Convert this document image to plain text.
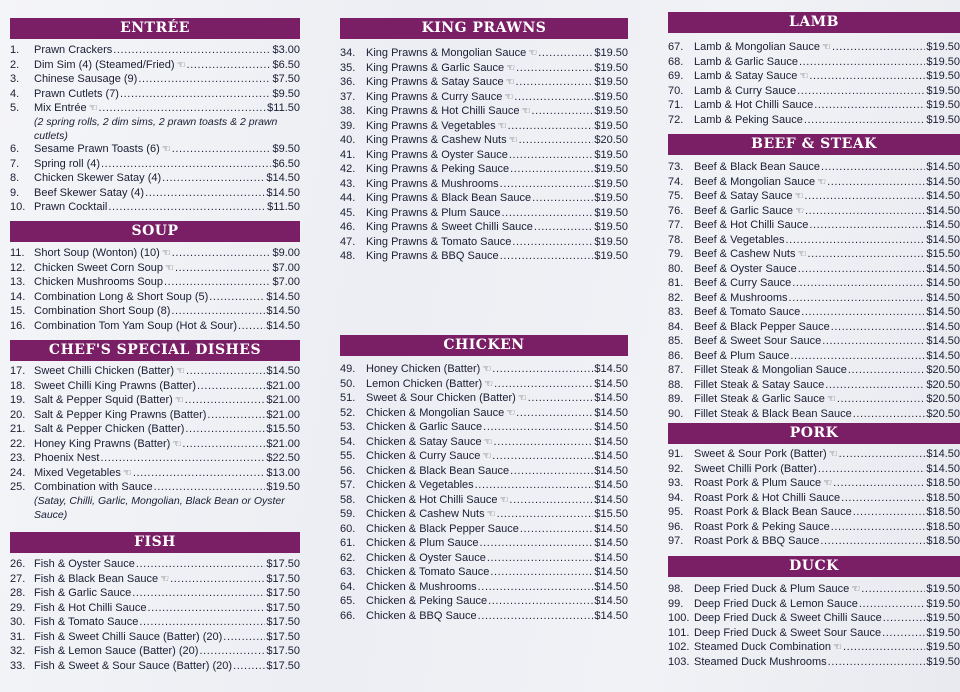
ENTRÉE
1.	Prawn Crackers .....	$3.00
2.	Dim Sim (4) (Steamed/Fried) ☜ .....	$6.50
3.	Chinese Sausage (9) .....	$7.50
4.	Prawn Cutlets (7) .....	$9.50
5.	Mix Entrée ☜ .....	$11.50
(2 spring rolls, 2 dim sims, 2 prawn toasts & 2 prawn cutlets)
6.	Sesame Prawn Toasts (6) ☜ .....	$9.50
7.	Spring roll (4) .....	$6.50
8.	Chicken Skewer Satay (4) .....	$14.50
9.	Beef Skewer Satay (4) .....	$14.50
10. Prawn Cocktail .....	$11.50
SOUP
11. Short Soup (Wonton) (10) ☜ .....	$9.00
12. Chicken Sweet Corn Soup ☜ .....	$7.00
13. Chicken Mushrooms Soup .....	$7.00
14. Combination Long & Short Soup (5) .....	$14.50
15. Combination Short Soup (8) .....	$14.50
16. Combination Tom Yam Soup (Hot & Sour) .....	$14.50
CHEF'S SPECIAL DISHES
17. Sweet Chilli Chicken (Batter) ☜ .....	$14.50
18. Sweet Chilli King Prawns (Batter) .....	$21.00
19. Salt & Pepper Squid (Batter) ☜ .....	$21.00
20. Salt & Pepper King Prawns (Batter) .....	$21.00
21. Salt & Pepper Chicken (Batter) .....	$15.50
22. Honey King Prawns (Batter) ☜ .....	$21.00
23. Phoenix Nest .....	$22.50
24. Mixed Vegetables ☜ .....	$13.00
25. Combination with Sauce .....	$19.50
(Satay, Chilli, Garlic, Mongolian, Black Bean or Oyster Sauce)
FISH
26. Fish & Oyster Sauce .....	$17.50
27. Fish & Black Bean Sauce ☜ .....	$17.50
28. Fish & Garlic Sauce .....	$17.50
29. Fish & Hot Chilli Sauce .....	$17.50
30. Fish & Tomato Sauce .....	$17.50
31. Fish & Sweet Chilli Sauce (Batter) (20) .....	$17.50
32. Fish & Lemon Sauce (Batter) (20) .....	$17.50
33. Fish & Sweet & Sour Sauce (Batter) (20) .....	$17.50
KING PRAWNS
34. King Prawns & Mongolian Sauce ☜ .....	$19.50
35. King Prawns & Garlic Sauce ☜ .....	$19.50
36. King Prawns & Satay Sauce ☜ .....	$19.50
37. King Prawns & Curry Sauce ☜ .....	$19.50
38. King Prawns & Hot Chilli Sauce ☜ .....	$19.50
39. King Prawns & Vegetables ☜ .....	$19.50
40. King Prawns & Cashew Nuts ☜ .....	$20.50
41. King Prawns & Oyster Sauce .....	$19.50
42. King Prawns & Peking Sauce .....	$19.50
43. King Prawns & Mushrooms .....	$19.50
44. King Prawns & Black Bean Sauce .....	$19.50
45. King Prawns & Plum Sauce .....	$19.50
46. King Prawns & Sweet Chilli Sauce .....	$19.50
47. King Prawns & Tomato Sauce .....	$19.50
48. King Prawns & BBQ Sauce .....	$19.50
CHICKEN
49. Honey Chicken (Batter) ☜ .....	$14.50
50. Lemon Chicken (Batter) ☜ .....	$14.50
51. Sweet & Sour Chicken (Batter) ☜ .....	$14.50
52. Chicken & Mongolian Sauce ☜ .....	$14.50
53. Chicken & Garlic Sauce .....	$14.50
54. Chicken & Satay Sauce ☜ .....	$14.50
55. Chicken & Curry Sauce ☜ .....	$14.50
56. Chicken & Black Bean Sauce .....	$14.50
57. Chicken & Vegetables .....	$14.50
58. Chicken & Hot Chilli Sauce ☜ .....	$14.50
59. Chicken & Cashew Nuts ☜ .....	$15.50
60. Chicken & Black Pepper Sauce .....	$14.50
61. Chicken & Plum Sauce .....	$14.50
62. Chicken & Oyster Sauce .....	$14.50
63. Chicken & Tomato Sauce .....	$14.50
64. Chicken & Mushrooms .....	$14.50
65. Chicken & Peking Sauce .....	$14.50
66. Chicken & BBQ Sauce .....	$14.50
LAMB
67. Lamb & Mongolian Sauce ☜ .....	$19.50
68. Lamb & Garlic Sauce .....	$19.50
69. Lamb & Satay Sauce ☜ .....	$19.50
70. Lamb & Curry Sauce .....	$19.50
71. Lamb & Hot Chilli Sauce .....	$19.50
72. Lamb & Peking Sauce .....	$19.50
BEEF & STEAK
73. Beef & Black Bean Sauce .....	$14.50
74. Beef & Mongolian Sauce ☜ .....	$14.50
75. Beef & Satay Sauce ☜ .....	$14.50
76. Beef & Garlic Sauce ☜ .....	$14.50
77. Beef & Hot Chilli Sauce .....	$14.50
78. Beef & Vegetables .....	$14.50
79. Beef & Cashew Nuts ☜ .....	$15.50
80. Beef & Oyster Sauce .....	$14.50
81. Beef & Curry Sauce .....	$14.50
82. Beef & Mushrooms .....	$14.50
83. Beef & Tomato Sauce .....	$14.50
84. Beef & Black Pepper Sauce .....	$14.50
85. Beef & Sweet Sour Sauce .....	$14.50
86. Beef & Plum Sauce .....	$14.50
87. Fillet Steak & Mongolian Sauce .....	$20.50
88. Fillet Steak & Satay Sauce .....	$20.50
89. Fillet Steak & Garlic Sauce ☜ .....	$20.50
90. Fillet Steak & Black Bean Sauce .....	$20.50
PORK
91. Sweet & Sour Pork (Batter) ☜ .....	$14.50
92. Sweet Chilli Pork (Batter) .....	$14.50
93. Roast Pork & Plum Sauce ☜ .....	$18.50
94. Roast Pork & Hot Chilli Sauce .....	$18.50
95. Roast Pork & Black Bean Sauce .....	$18.50
96. Roast Pork & Peking Sauce .....	$18.50
97. Roast Pork & BBQ Sauce .....	$18.50
DUCK
98. Deep Fried Duck & Plum Sauce ☜ .....	$19.50
99. Deep Fried Duck & Lemon Sauce .....	$19.50
100. Deep Fried Duck & Sweet Chilli Sauce .....	$19.50
101. Deep Fried Duck & Sweet Sour Sauce .....	$19.50
102. Steamed Duck Combination ☜ .....	$19.50
103. Steamed Duck Mushrooms .....	$19.50
